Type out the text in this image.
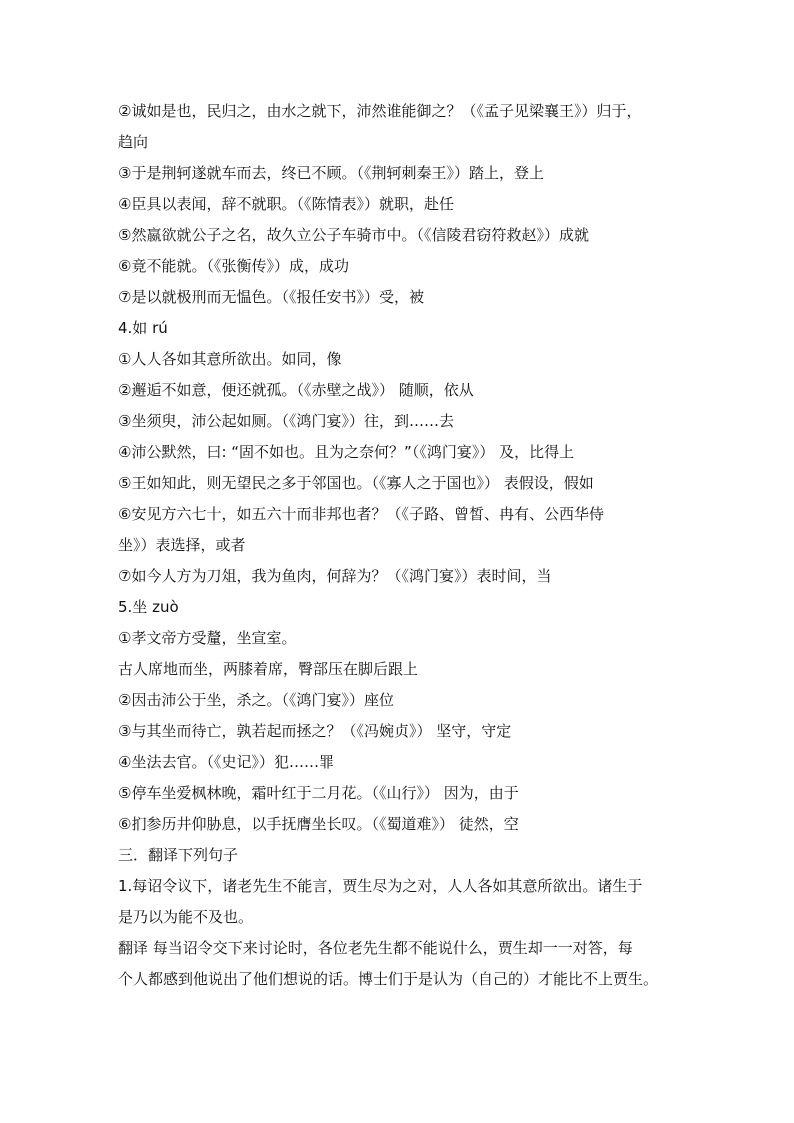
②诚如是也，民归之，由水之就下，沛然谁能御之？（《孟子见梁襄王》）归于，
趋向
③于是荆轲遂就车而去，终已不顾。（《荆轲刺秦王》）踏上，登上
④臣具以表闻，辞不就职。（《陈情表》）就职，赴任
⑤然嬴欲就公子之名，故久立公子车骑市中。（《信陵君窃符救赵》）成就
⑥竟不能就。（《张衡传》）成，成功
⑦是以就极刑而无愠色。（《报任安书》）受，被
4.如 rú
①人人各如其意所欲出。如同，像
②邂逅不如意，便还就孤。（《赤壁之战》） 随顺，依从
③坐须臾，沛公起如厕。（《鸿门宴》）往，到……去
④沛公默然，曰: “固不如也。且为之奈何？”（《鸿门宴》） 及，比得上
⑤王如知此，则无望民之多于邻国也。（《寡人之于国也》） 表假设，假如
⑥安见方六七十，如五六十而非邦也者？（《子路、曾皙、冉有、公西华侍
坐》）表选择，或者
⑦如今人方为刀俎，我为鱼肉，何辞为？（《鸿门宴》）表时间，当
5.坐 zuò
①孝文帝方受釐，坐宣室。
古人席地而坐，两膝着席，臀部压在脚后跟上
②因击沛公于坐，杀之。（《鸿门宴》）座位
③与其坐而待亡，孰若起而拯之？（《冯婉贞》） 坚守，守定
④坐法去官。（《史记》）犯……罪
⑤停车坐爱枫林晚，霜叶红于二月花。（《山行》） 因为，由于
⑥扪参历井仰胁息，以手抚膺坐长叹。（《蜀道难》） 徒然，空
三．翻译下列句子
1.每诏令议下，诸老先生不能言，贾生尽为之对，人人各如其意所欲出。诸生于
是乃以为能不及也。
翻译 每当诏令交下来讨论时，各位老先生都不能说什么，贾生却一一对答，每
个人都感到他说出了他们想说的话。博士们于是认为（自己的）才能比不上贾生。
